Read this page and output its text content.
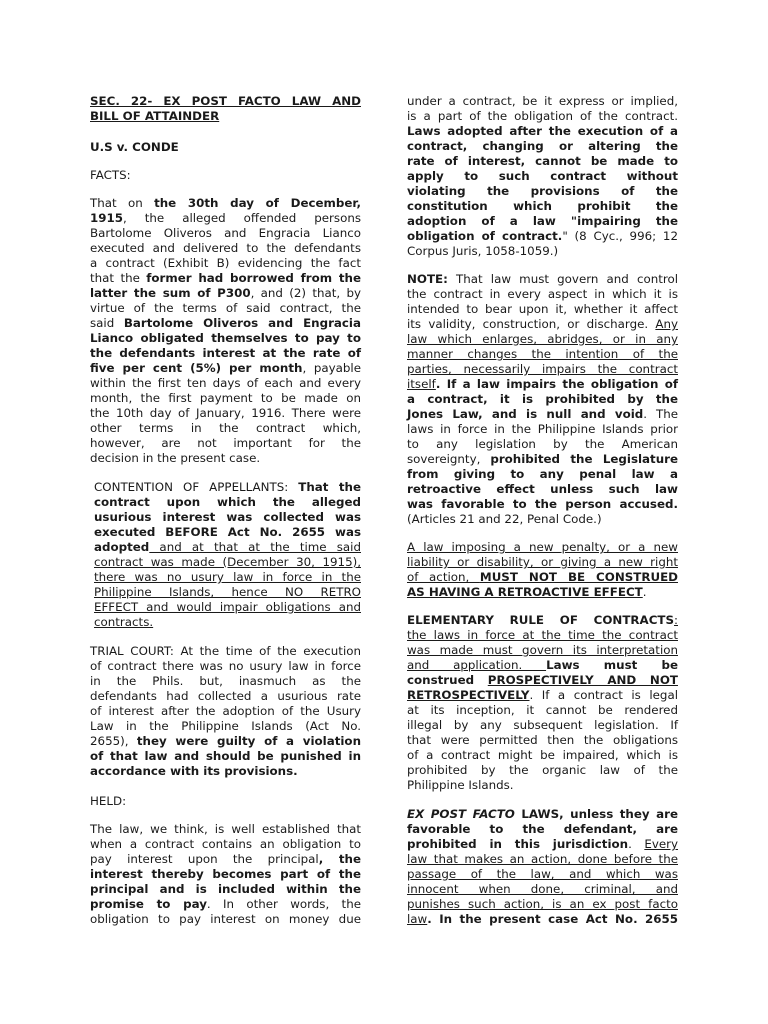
SEC. 22- EX POST FACTO LAW AND
BILL OF ATTAINDER

U.S v. CONDE

FACTS:

That on the 30th day of December,
1915, the alleged offended persons
Bartolome Oliveros and Engracia Lianco
executed and delivered to the defendants
a contract (Exhibit B) evidencing the fact
that the former had borrowed from the
latter the sum of P300, and (2) that, by
virtue of the terms of said contract, the
said Bartolome Oliveros and Engracia
Lianco obligated themselves to pay to
the defendants interest at the rate of
five per cent (5%) per month, payable
within the first ten days of each and every
month, the first payment to be made on
the 10th day of January, 1916. There were
other terms in the contract which,
however, are not important for the
decision in the present case.

CONTENTION OF APPELLANTS: That the
contract upon which the alleged
usurious interest was collected was
executed BEFORE Act No. 2655 was
adopted and at that at the time said
contract was made (December 30, 1915),
there was no usury law in force in the
Philippine Islands, hence NO RETRO
EFFECT and would impair obligations and
contracts.

TRIAL COURT: At the time of the execution
of contract there was no usury law in force
in the Phils. but, inasmuch as the
defendants had collected a usurious rate
of interest after the adoption of the Usury
Law in the Philippine Islands (Act No.
2655), they were guilty of a violation
of that law and should be punished in
accordance with its provisions.

HELD:

The law, we think, is well established that
when a contract contains an obligation to
pay interest upon the principal, the
interest thereby becomes part of the
principal and is included within the
promise to pay. In other words, the
obligation to pay interest on money due

under a contract, be it express or implied,
is a part of the obligation of the contract.
Laws adopted after the execution of a
contract, changing or altering the
rate of interest, cannot be made to
apply to such contract without
violating the provisions of the
constitution which prohibit the
adoption of a law "impairing the
obligation of contract." (8 Cyc., 996; 12
Corpus Juris, 1058-1059.)

NOTE: That law must govern and control
the contract in every aspect in which it is
intended to bear upon it, whether it affect
its validity, construction, or discharge. Any
law which enlarges, abridges, or in any
manner changes the intention of the
parties, necessarily impairs the contract
itself. If a law impairs the obligation of
a contract, it is prohibited by the
Jones Law, and is null and void. The
laws in force in the Philippine Islands prior
to any legislation by the American
sovereignty, prohibited the Legislature
from giving to any penal law a
retroactive effect unless such law
was favorable to the person accused.
(Articles 21 and 22, Penal Code.)

A law imposing a new penalty, or a new
liability or disability, or giving a new right
of action, MUST NOT BE CONSTRUED
AS HAVING A RETROACTIVE EFFECT.

ELEMENTARY RULE OF CONTRACTS:
the laws in force at the time the contract
was made must govern its interpretation
and application. Laws must be
construed PROSPECTIVELY AND NOT
RETROSPECTIVELY. If a contract is legal
at its inception, it cannot be rendered
illegal by any subsequent legislation. If
that were permitted then the obligations
of a contract might be impaired, which is
prohibited by the organic law of the
Philippine Islands.

EX POST FACTO LAWS, unless they are
favorable to the defendant, are
prohibited in this jurisdiction. Every
law that makes an action, done before the
passage of the law, and which was
innocent when done, criminal, and
punishes such action, is an ex post facto
law. In the present case Act No. 2655
